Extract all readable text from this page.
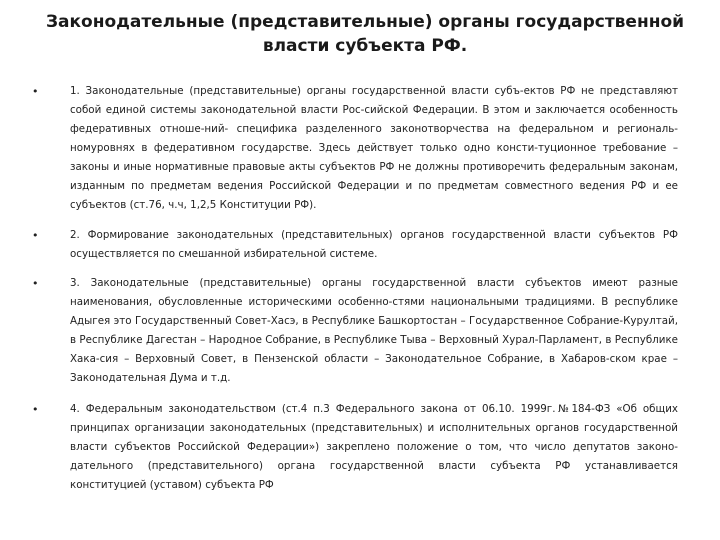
Законодательные (представительные) органы государственной власти субъекта РФ.
•	1. Законодательные (представительные) органы государственной власти субъ-ектов РФ не представляют собой единой системы законодательной власти Рос-сийской Федерации. В этом и заключается особенность федеративных отноше-ний- специфика разделенного законотворчества на федеральном и региональ-номуровнях в федеративном государстве. Здесь действует только одно консти-туционное требование – законы и иные нормативные правовые акты субъектов РФ не должны противоречить федеральным законам, изданным по предметам ведения Российской Федерации и по предметам совместного ведения РФ и ее субъектов (ст.76, ч.ч, 1,2,5 Конституции РФ).
•	2. Формирование законодательных (представительных) органов государственной власти субъектов РФ осуществляется по смешанной избирательной системе.
•	3. Законодательные (представительные) органы государственной власти субъектов имеют разные наименования, обусловленные историческими особенно-стями национальными традициями. В республике Адыгея это Государственный Совет-Хасэ, в Республике Башкортостан – Государственное Собрание-Курултай, в Республике Дагестан – Народное Собрание, в Республике Тыва – Верховный Хурал-Парламент, в Республике Хака-сия – Верховный Совет, в Пензенской области – Законодательное Собрание, в Хабаров-ском крае – Законодательная Дума и т.д.
•	4. Федеральным законодательством (ст.4 п.3 Федерального закона от 06.10. 1999г.№184-ФЗ «Об общих принципах организации законодательных (представительных) и исполнительных органов государственной власти субъектов Российской Федерации») закреплено положение о том, что число депутатов законо-дательного (представительного) органа государственной власти субъекта РФ устанавливается конституцией (уставом) субъекта РФ
